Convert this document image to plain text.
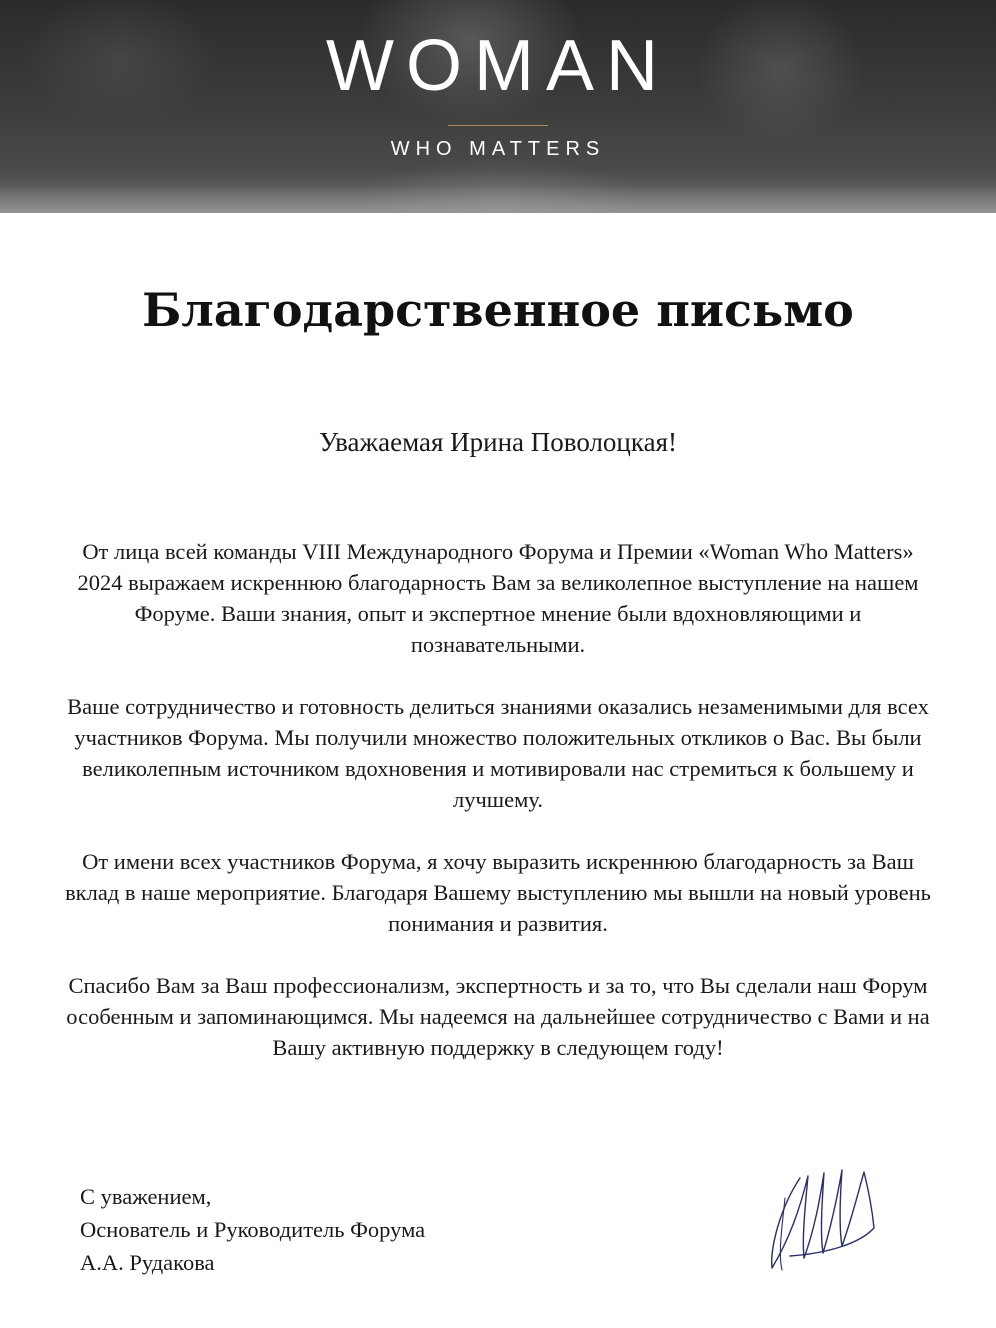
WOMAN
WHO MATTERS
Благодарственное письмо
Уважаемая Ирина Поволоцкая!

От лица всей команды VIII Международного Форума и Премии «Woman Who Matters» 2024 выражаем искреннюю благодарность Вам за великолепное выступление на нашем Форуме. Ваши знания, опыт и экспертное мнение были вдохновляющими и познавательными.

Ваше сотрудничество и готовность делиться знаниями оказались незаменимыми для всех участников Форума. Мы получили множество положительных откликов о Вас. Вы были великолепным источником вдохновения и мотивировали нас стремиться к большему и лучшему.

От имени всех участников Форума, я хочу выразить искреннюю благодарность за Ваш вклад в наше мероприятие. Благодаря Вашему выступлению мы вышли на новый уровень понимания и развития.

Спасибо Вам за Ваш профессионализм, экспертность и за то, что Вы сделали наш Форум особенным и запоминающимся. Мы надеемся на дальнейшее сотрудничество с Вами и на Вашу активную поддержку в следующем году!

С уважением,
Основатель и Руководитель Форума
А.А. Рудакова
